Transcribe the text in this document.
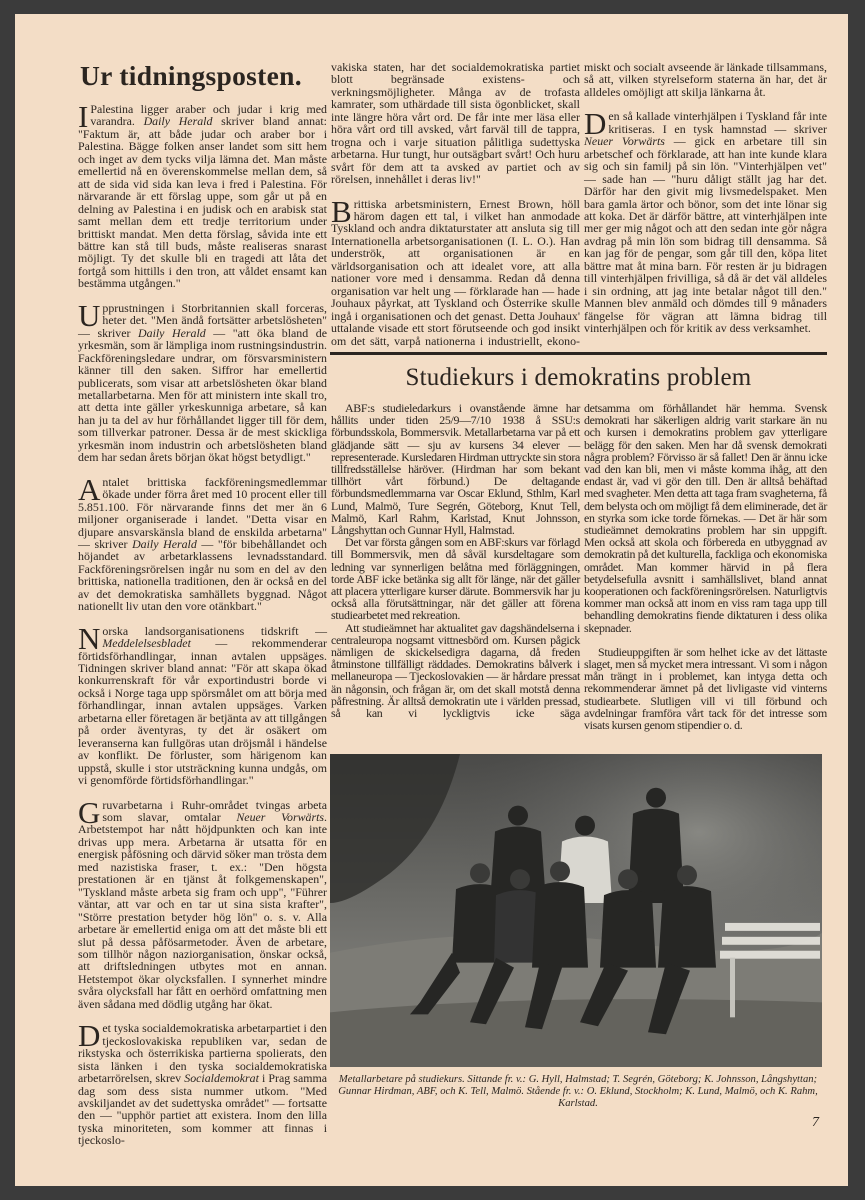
Ur tidningsposten.

I Palestina ligger araber och judar i krig med varandra. Daily Herald skriver bland annat: "Faktum är, att både judar och araber bor i Palestina. Bägge folken anser landet som sitt hem och inget av dem tycks vilja lämna det. Man måste emellertid nå en överenskommelse mellan dem, så att de sida vid sida kan leva i fred i Palestina. För närvarande är ett förslag uppe, som går ut på en delning av Palestina i en judisk och en arabisk stat samt mellan dem ett tredje territorium under brittiskt mandat. Men detta förslag, såvida inte ett bättre kan stå till buds, måste realiseras snarast möjligt. Ty det skulle bli en tragedi att låta det fortgå som hittills i den tron, att våldet ensamt kan bestämma utgången."

Upprustningen i Storbritannien skall forceras, heter det. "Men ändå fortsätter arbetslösheten" — skriver Daily Herald — "att öka bland de yrkesmän, som är lämpliga inom rustningsindustrin. Fackföreningsledare undrar, om försvarsministern känner till den saken. Siffror har emellertid publicerats, som visar att arbetslösheten ökar bland metallarbetarna. Men för att ministern inte skall tro, att detta inte gäller yrkeskunniga arbetare, så kan han ju ta del av hur förhållandet ligger till för dem, som tillverkar patroner. Dessa är de mest skickliga yrkesmän inom industrin och arbetslösheten bland dem har sedan årets början ökat högst betydligt."

Antalet brittiska fackföreningsmedlemmar ökade under förra året med 10 procent eller till 5.851.100. För närvarande finns det mer än 6 miljoner organiserade i landet. "Detta visar en djupare ansvarskänsla bland de enskilda arbetarna" — skriver Daily Herald — "för bibehållandet och höjandet av arbetarklassens levnadsstandard. Fackföreningsrörelsen ingår nu som en del av den brittiska, nationella traditionen, den är också en del av det demokratiska samhällets byggnad. Något nationellt liv utan den vore otänkbart."

Norska landsorganisationens tidskrift — Meddelelsesbladet — rekommenderar förtidsförhandlingar, innan avtalen uppsäges. Tidningen skriver bland annat: "För att skapa ökad konkurrenskraft för vår exportindustri borde vi också i Norge taga upp spörsmålet om att börja med förhandlingar, innan avtalen uppsäges. Varken arbetarna eller företagen är betjänta av att tillgången på order äventyras, ty det är osäkert om leveranserna kan fullgöras utan dröjsmål i händelse av konflikt. De förluster, som härigenom kan uppstå, skulle i stor utsträckning kunna undgås, om vi genomförde förtidsförhandlingar."

Gruvarbetarna i Ruhr-området tvingas arbeta som slavar, omtalar Neuer Vorwärts. Arbetstempot har nått höjdpunkten och kan inte drivas upp mera. Arbetarna är utsatta för en energisk påfösning och därvid söker man trösta dem med nazistiska fraser, t. ex.: "Den högsta prestationen är en tjänst åt folkgemenskapen", "Tyskland måste arbeta sig fram och upp", "Führer väntar, att var och en tar ut sina sista krafter", "Större prestation betyder hög lön" o. s. v. Alla arbetare är emellertid eniga om att det måste bli ett slut på dessa påfösarmetoder. Även de arbetare, som tillhör någon naziorganisation, önskar också, att driftsledningen utbytes mot en annan. Hetstempot ökar olycksfallen. I synnerhet mindre svåra olycksfall har fått en oerhörd omfattning men även sådana med dödlig utgång har ökat.

Det tyska socialdemokratiska arbetarpartiet i den tjeckoslovakiska republiken var, sedan de rikstyska och österrikiska partierna spolierats, den sista länken i den tyska socialdemokratiska arbetarrörelsen, skrev Socialdemokrat i Prag samma dag som dess sista nummer utkom. "Med avskiljandet av det sudettyska området" — fortsatte den — "upphör partiet att existera. Inom den lilla tyska minoriteten, som kommer att finnas i tjeckoslo-

vakiska staten, har det socialdemokratiska partiet blott begränsade existens- och verkningsmöjligheter. Många av de trofasta kamrater, som uthärdade till sista ögonblicket, skall inte längre höra vårt ord. De får inte mer läsa eller höra vårt ord till avsked, vårt farväl till de tappra, trogna och i varje situation pålitliga sudettyska arbetarna. Hur tungt, hur outsägbart svårt! Och huru svårt för dem att ta avsked av partiet och av rörelsen, innehållet i deras liv!"

Brittiska arbetsministern, Ernest Brown, höll härom dagen ett tal, i vilket han anmodade Tyskland och andra diktaturstater att ansluta sig till Internationella arbetsorganisationen (I. L. O.). Han underströk, att organisationen är en världsorganisation och att idealet vore, att alla nationer vore med i densamma. Redan då denna organisation var helt ung — förklarade han — hade Jouhaux påyrkat, att Tyskland och Österrike skulle ingå i organisationen och det genast. Detta Jouhaux' uttalande visade ett stort förutseende och god insikt om det sätt, varpå nationerna i industriellt, ekono-

miskt och socialt avseende är länkade tillsammans, så att, vilken styrelseform staterna än har, det är alldeles omöjligt att skilja länkarna åt.

Den så kallade vinterhjälpen i Tyskland får inte kritiseras. I en tysk hamnstad — skriver Neuer Vorwärts — gick en arbetare till sin arbetschef och förklarade, att han inte kunde klara sig och sin familj på sin lön. "Vinterhjälpen vet" — sade han — "huru dåligt ställt jag har det. Därför har den givit mig livsmedelspaket. Men bara gamla ärtor och bönor, som det inte lönar sig att koka. Det är därför bättre, att vinterhjälpen inte mer ger mig något och att den sedan inte gör några avdrag på min lön som bidrag till densamma. Så kan jag för de pengar, som går till den, köpa litet bättre mat åt mina barn. För resten är ju bidragen till vinterhjälpen frivilliga, så då är det väl alldeles i sin ordning, att jag inte betalar något till den." Mannen blev anmäld och dömdes till 9 månaders fängelse för vägran att lämna bidrag till vinterhjälpen och för kritik av dess verksamhet.

Studiekurs i demokratins problem

ABF:s studieledarkurs i ovanstående ämne har hållits under tiden 25/9—7/10 1938 å SSU:s förbundsskola, Bommersvik. Metallarbetarna var på ett glädjande sätt — sju av kursens 34 elever — representerade. Kursledaren Hirdman uttryckte sin stora tillfredsställelse häröver. (Hirdman har som bekant tillhört vårt förbund.) De deltagande förbundsmedlemmarna var Oscar Eklund, Sthlm, Karl Lund, Malmö, Ture Segrén, Göteborg, Knut Tell, Malmö, Karl Rahm, Karlstad, Knut Johnsson, Långshyttan och Gunnar Hyll, Halmstad.

Det var första gången som en ABF:skurs var förlagd till Bommersvik, men då såväl kursdeltagare som ledning var synnerligen belåtna med förläggningen, torde ABF icke betänka sig allt för länge, när det gäller att placera ytterligare kurser därute. Bommersvik har ju också alla förutsättningar, när det gäller att förena studiearbetet med rekreation.

Att studieämnet har aktualitet gav dagshändelserna i centraleuropa nogsamt vittnesbörd om. Kursen pågick nämligen de skickelsedigra dagarna, då freden åtminstone tillfälligt räddades. Demokratins bålverk i mellaneuropa — Tjeckoslovakien — är hårdare pressat än någonsin, och frågan är, om det skall motstå denna påfrestning. Är alltså demokratin ute i världen pressad, så kan vi lyckligtvis icke säga

detsamma om förhållandet här hemma. Svensk demokrati har säkerligen aldrig varit starkare än nu och kursen i demokratins problem gav ytterligare belägg för den saken. Men har då svensk demokrati några problem? Förvisso är så fallet! Den är ännu icke vad den kan bli, men vi måste komma ihåg, att den endast är, vad vi gör den till. Den är alltså behäftad med svagheter. Men detta att taga fram svagheterna, få dem belysta och om möjligt få dem eliminerade, det är en styrka som icke torde förnekas. — Det är här som studieämnet demokratins problem har sin uppgift. Men också att skola och förbereda en utbyggnad av demokratin på det kulturella, fackliga och ekonomiska området. Man kommer härvid in på flera betydelsefulla avsnitt i samhällslivet, bland annat kooperationen och fackföreningsrörelsen. Naturligtvis kommer man också att inom en viss ram taga upp till behandling demokratins fiende diktaturen i dess olika skepnader.

Studieuppgiften är som helhet icke av det lättaste slaget, men så mycket mera intressant. Vi som i någon mån trängt in i problemet, kan intyga detta och rekommenderar ämnet på det livligaste vid vinterns studiearbete. Slutligen vill vi till förbund och avdelningar framföra vårt tack för det intresse som visats kursen genom stipendier o. d.

Metallarbetare på studiekurs. Sittande fr. v.: G. Hyll, Halmstad; T. Segrén, Göteborg; K. Johnsson, Långshyttan; Gunnar Hirdman, ABF, och K. Tell, Malmö. Stående fr. v.: O. Eklund, Stockholm; K. Lund, Malmö, och K. Rahm, Karlstad.
7
